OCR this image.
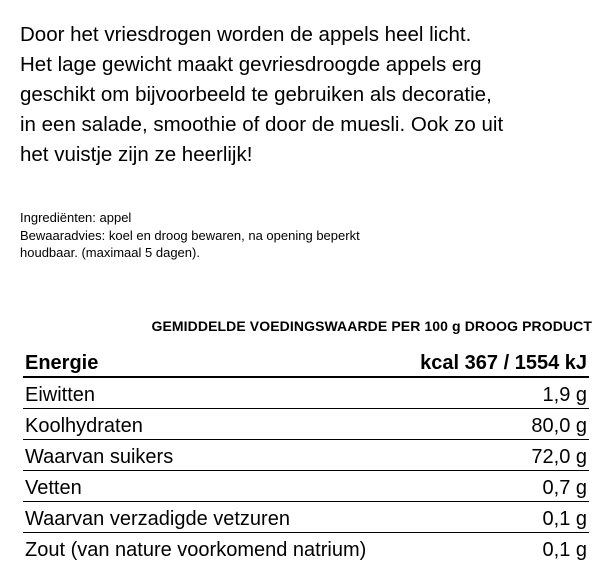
Door het vriesdrogen worden de appels heel licht.
Het lage gewicht maakt gevriesdroogde appels erg
geschikt om bijvoorbeeld te gebruiken als decoratie,
in een salade, smoothie of door de muesli. Ook zo uit
het vuistje zijn ze heerlijk!
Ingrediënten: appel
Bewaaradvies: koel en droog bewaren, na opening beperkt
houdbaar. (maximaal 5 dagen).
GEMIDDELDE VOEDINGSWAARDE PER 100 g DROOG PRODUCT
Energie	kcal 367 / 1554 kJ
Eiwitten	1,9 g
Koolhydraten	80,0 g
Waarvan suikers	72,0 g
Vetten	0,7 g
Waarvan verzadigde vetzuren	0,1 g
Zout (van nature voorkomend natrium)	0,1 g
